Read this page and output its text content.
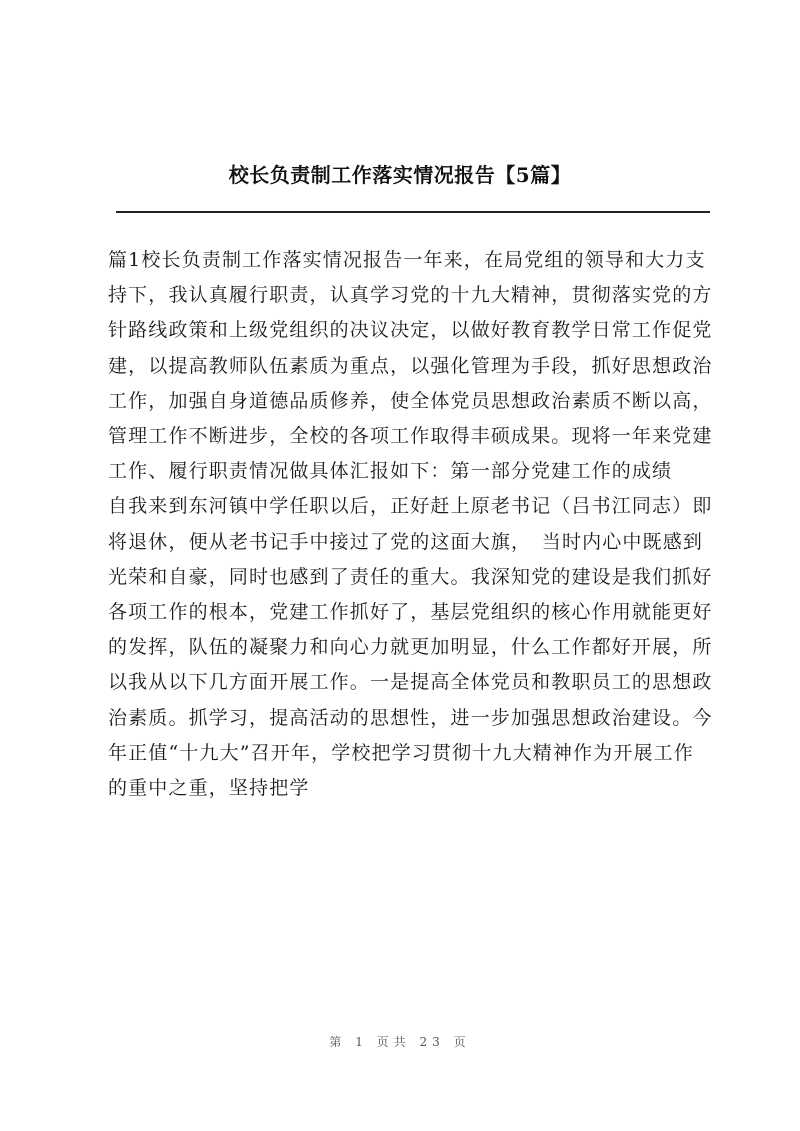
校长负责制工作落实情况报告【5篇】

篇1校长负责制工作落实情况报告一年来，在局党组的领导和大力支持下，我认真履行职责，认真学习党的十九大精神，贯彻落实党的方针路线政策和上级党组织的决议决定，以做好教育教学日常工作促党建，以提高教师队伍素质为重点，以强化管理为手段，抓好思想政治工作，加强自身道德品质修养，使全体党员思想政治素质不断以高，管理工作不断进步，全校的各项工作取得丰硕成果。现将一年来党建工作、履行职责情况做具体汇报如下：第一部分党建工作的成绩

自我来到东河镇中学任职以后，正好赶上原老书记（吕书江同志）即将退休，便从老书记手中接过了党的这面大旗，　当时内心中既感到光荣和自豪，同时也感到了责任的重大。我深知党的建设是我们抓好各项工作的根本，党建工作抓好了，基层党组织的核心作用就能更好的发挥，队伍的凝聚力和向心力就更加明显，什么工作都好开展，所以我从以下几方面开展工作。一是提高全体党员和教职员工的思想政治素质。抓学习，提高活动的思想性，进一步加强思想政治建设。今年正值“十九大”召开年，学校把学习贯彻十九大精神作为开展工作的重中之重，坚持把学

第 1 页共 23 页
